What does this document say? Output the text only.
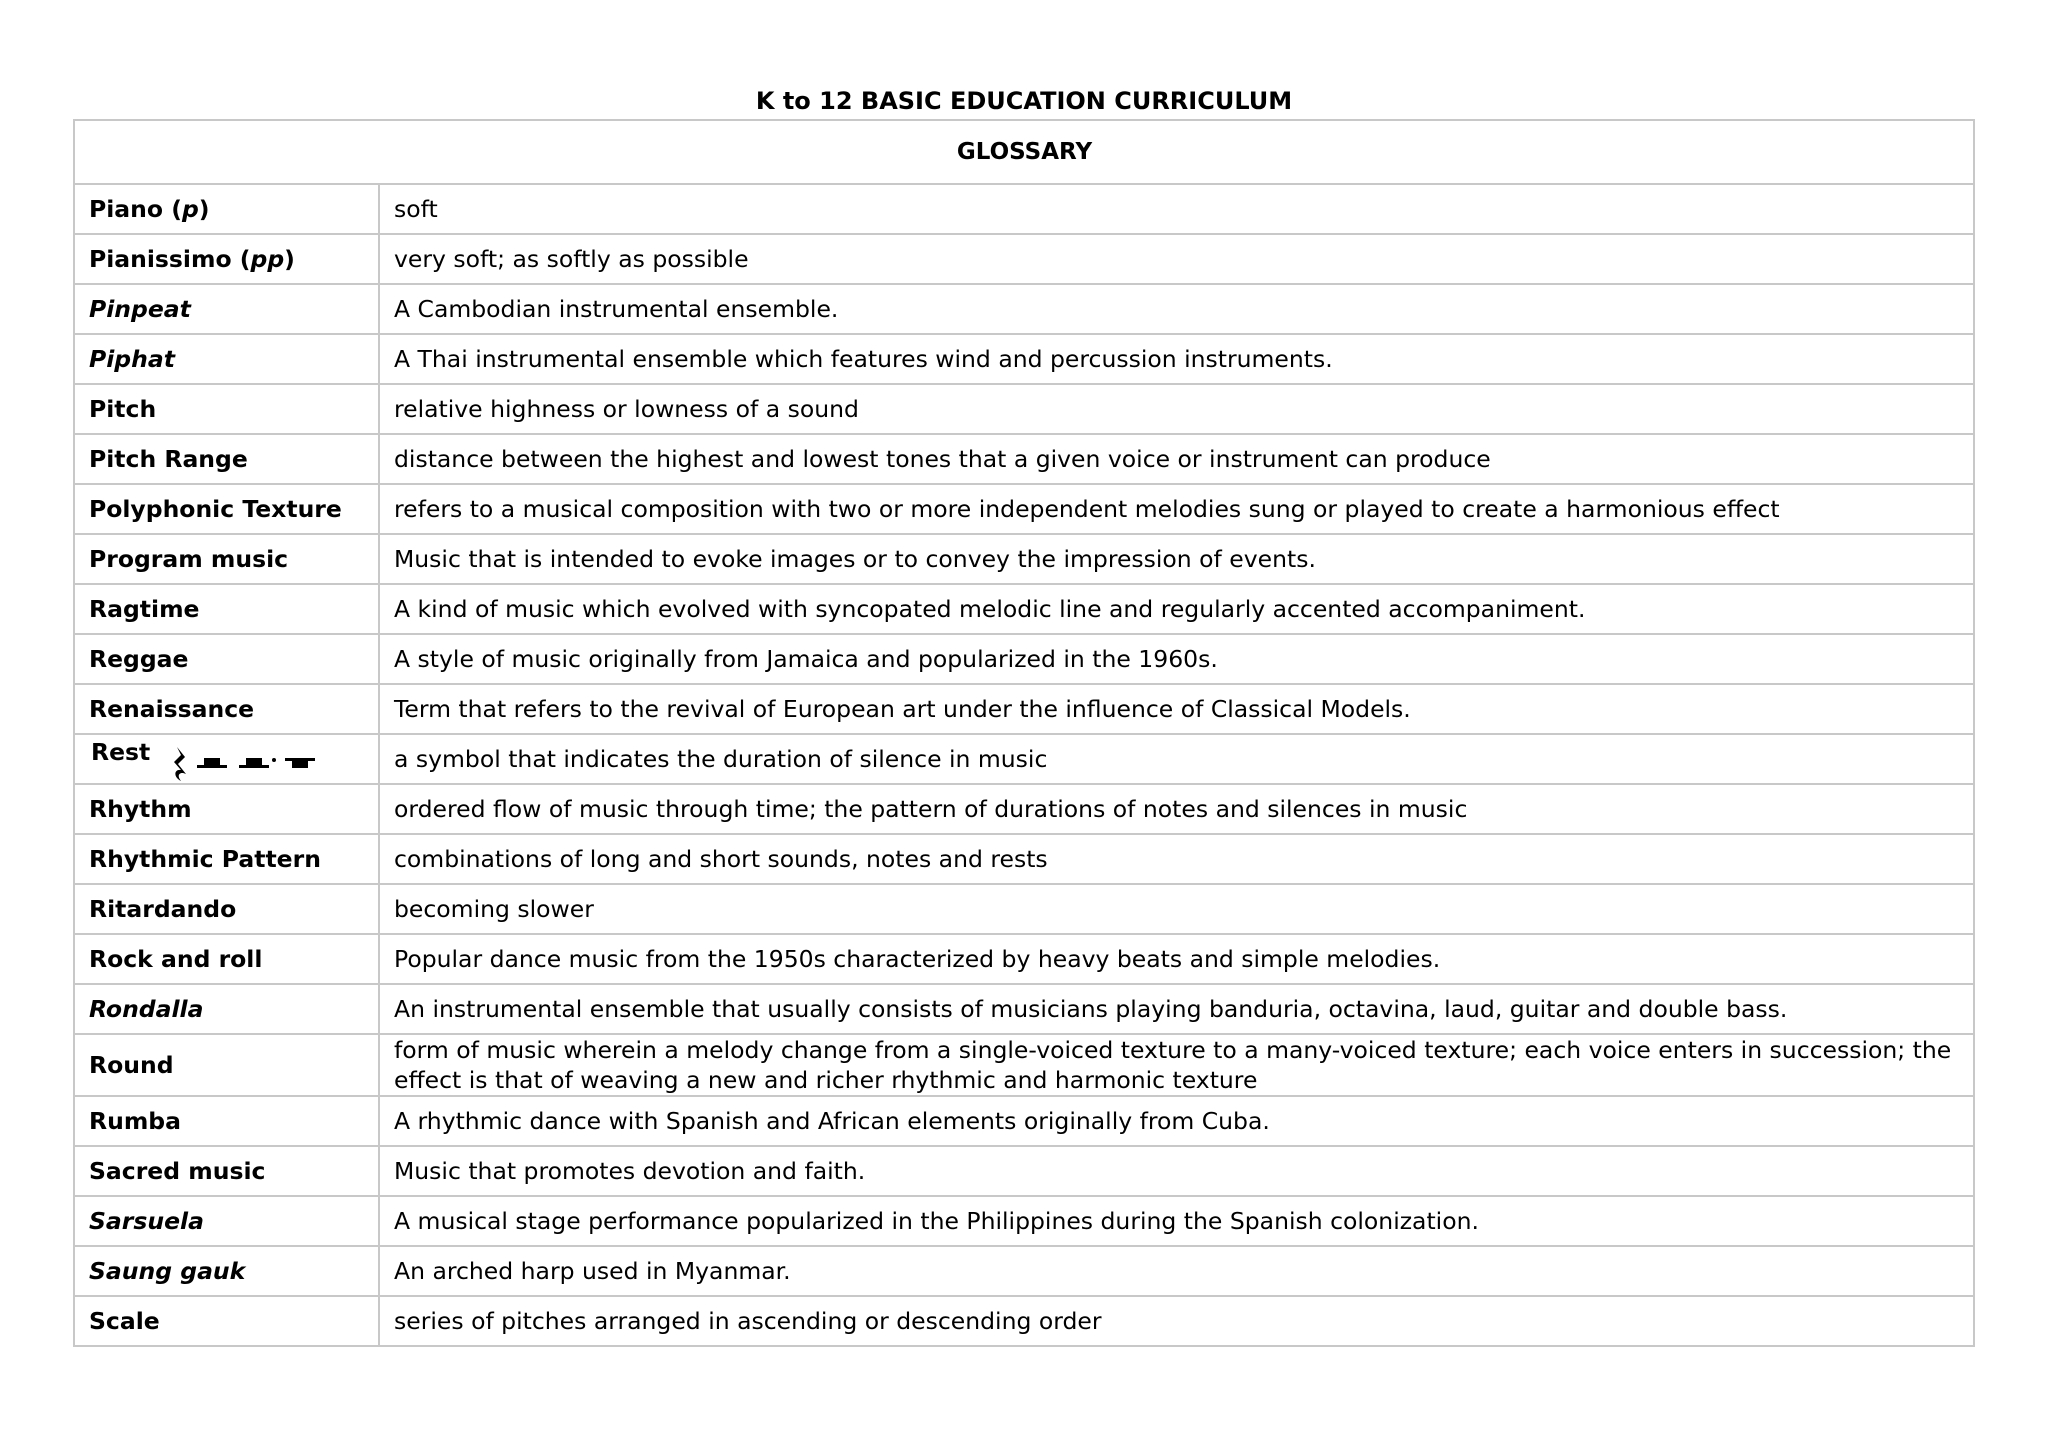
K to 12 BASIC EDUCATION CURRICULUM
GLOSSARY	
Piano (p)	soft
Pianissimo (pp)	very soft; as softly as possible
Pinpeat	A Cambodian instrumental ensemble.
Piphat	A Thai instrumental ensemble which features wind and percussion instruments.
Pitch	relative highness or lowness of a sound
Pitch Range	distance between the highest and lowest tones that a given voice or instrument can produce
Polyphonic Texture	refers to a musical composition with two or more independent melodies sung or played to create a harmonious effect
Program music	Music that is intended to evoke images or to convey the impression of events.
Ragtime	A kind of music which evolved with syncopated melodic line and regularly accented accompaniment.
Reggae	A style of music originally from Jamaica and popularized in the 1960s.
Renaissance	Term that refers to the revival of European art under the influence of Classical Models.

Rest	a symbol that indicates the duration of silence in music
Rhythm	ordered flow of music through time; the pattern of durations of notes and silences in music
Rhythmic Pattern	combinations of long and short sounds, notes and rests
Ritardando	becoming slower
Rock and roll	Popular dance music from the 1950s characterized by heavy beats and simple melodies.
Rondalla	An instrumental ensemble that usually consists of musicians playing banduria, octavina, laud, guitar and double bass.
Round	form of music wherein a melody change from a single-voiced texture to a many-voiced texture; each voice enters in succession; the effect is that of weaving a new and richer rhythmic and harmonic texture
Rumba	A rhythmic dance with Spanish and African elements originally from Cuba.
Sacred music	Music that promotes devotion and faith.
Sarsuela	A musical stage performance popularized in the Philippines during the Spanish colonization.
Saung gauk	An arched harp used in Myanmar.
Scale	series of pitches arranged in ascending or descending order
